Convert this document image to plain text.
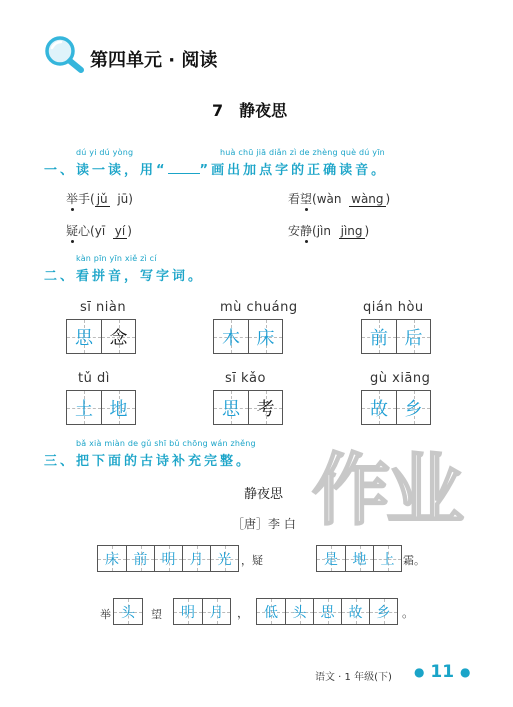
第四单元 · 阅读
7　静夜思
dú yi dú yòng	huà chū jiā diǎn zì de zhèng què dú yīn
一、读一读，用“ ”画出加点字的正确读音。
举手( jǔ jū)	看望(wàn wàng )
疑心(yī yí )	安静(jìn jìng )
kàn pīn yīn xiě zì cí
二、看拼音，写字词。
sī niàn
思 念
mù chuáng
木 床
qián hòu
前 后
tǔ dì
土 地
sī kǎo
思 考
gù xiāng
故 乡
bǎ xià miàn de gǔ shī bǔ chōng wán zhěng
三、把下面的古诗补充完整。 作业
静夜思
［唐］李 白
床	前	明	月	光 ，疑	是	地	上 霜。
举 头	望	明	月	，	低	头	思	故	乡 。
语文 · 1 年级(下) ● 11 ●
